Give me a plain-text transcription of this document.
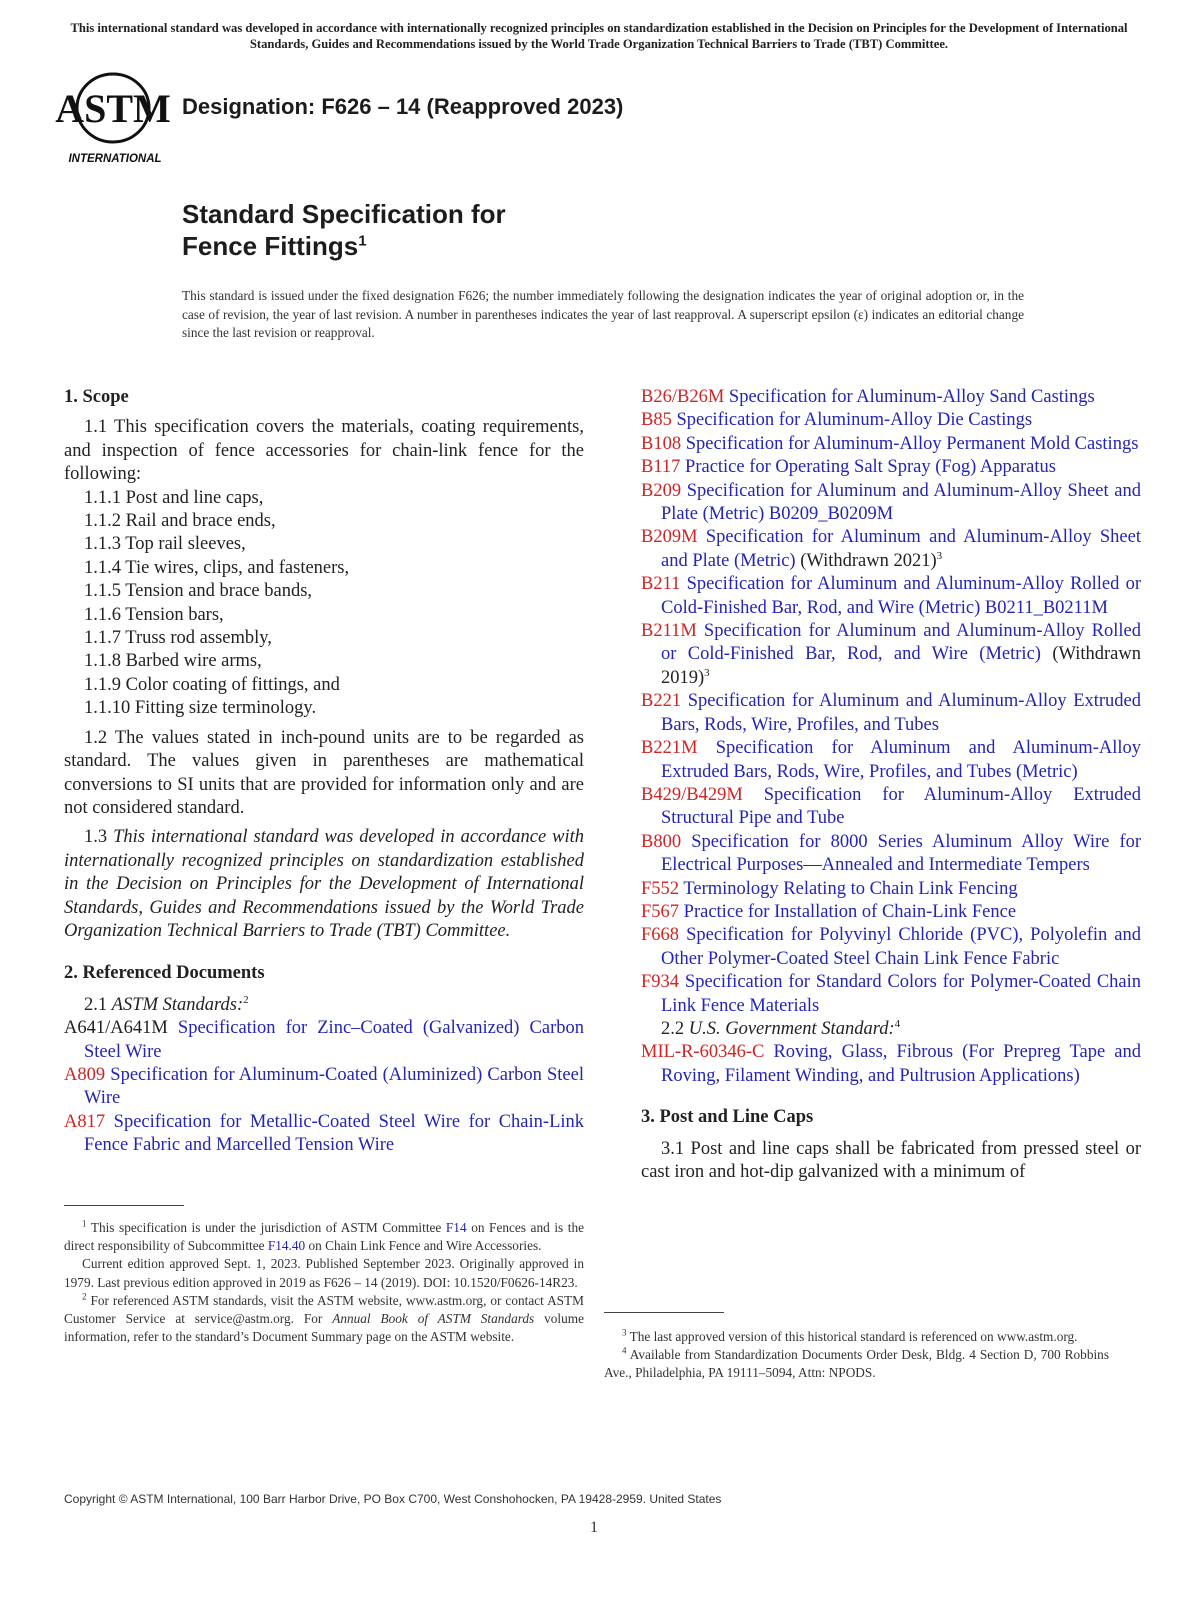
This international standard was developed in accordance with internationally recognized principles on standardization established in the Decision on Principles for the Development of International Standards, Guides and Recommendations issued by the World Trade Organization Technical Barriers to Trade (TBT) Committee.
ASTM
INTERNATIONAL
Designation: F626 – 14 (Reapproved 2023)
Standard Specification for
Fence Fittings$^1$
This standard is issued under the fixed designation F626; the number immediately following the designation indicates the year of original adoption or, in the case of revision, the year of last revision. A number in parentheses indicates the year of last reapproval. A superscript epsilon (ε) indicates an editorial change since the last revision or reapproval.
1. Scope

1.1 This specification covers the materials, coating requirements, and inspection of fence accessories for chain-link fence for the following:

1.1.1 Post and line caps,
1.1.2 Rail and brace ends,
1.1.3 Top rail sleeves,
1.1.4 Tie wires, clips, and fasteners,
1.1.5 Tension and brace bands,
1.1.6 Tension bars,
1.1.7 Truss rod assembly,
1.1.8 Barbed wire arms,
1.1.9 Color coating of fittings, and
1.1.10 Fitting size terminology.

1.2 The values stated in inch-pound units are to be regarded as standard. The values given in parentheses are mathematical conversions to SI units that are provided for information only and are not considered standard.

1.3 This international standard was developed in accordance with internationally recognized principles on standardization established in the Decision on Principles for the Development of International Standards, Guides and Recommendations issued by the World Trade Organization Technical Barriers to Trade (TBT) Committee.

2. Referenced Documents
2.1 ASTM Standards:$^2$
A641/A641M Specification for Zinc–Coated (Galvanized) Carbon Steel Wire
A809 Specification for Aluminum-Coated (Aluminized) Carbon Steel Wire
A817 Specification for Metallic-Coated Steel Wire for Chain-Link Fence Fabric and Marcelled Tension Wire

$^1$ This specification is under the jurisdiction of ASTM Committee F14 on Fences and is the direct responsibility of Subcommittee F14.40 on Chain Link Fence and Wire Accessories.

Current edition approved Sept. 1, 2023. Published September 2023. Originally approved in 1979. Last previous edition approved in 2019 as F626 – 14 (2019). DOI: 10.1520/F0626-14R23.

$^2$ For referenced ASTM standards, visit the ASTM website, www.astm.org, or contact ASTM Customer Service at service@astm.org. For Annual Book of ASTM Standards volume information, refer to the standard’s Document Summary page on the ASTM website.

B26/B26M Specification for Aluminum-Alloy Sand Castings
B85 Specification for Aluminum-Alloy Die Castings
B108 Specification for Aluminum-Alloy Permanent Mold Castings
B117 Practice for Operating Salt Spray (Fog) Apparatus
B209 Specification for Aluminum and Aluminum-Alloy Sheet and Plate (Metric) B0209_B0209M
B209M Specification for Aluminum and Aluminum-Alloy Sheet and Plate (Metric) (Withdrawn 2021)$^3$
B211 Specification for Aluminum and Aluminum-Alloy Rolled or Cold-Finished Bar, Rod, and Wire (Metric) B0211_B0211M
B211M Specification for Aluminum and Aluminum-Alloy Rolled or Cold-Finished Bar, Rod, and Wire (Metric) (Withdrawn 2019)$^3$
B221 Specification for Aluminum and Aluminum-Alloy Extruded Bars, Rods, Wire, Profiles, and Tubes
B221M Specification for Aluminum and Aluminum-Alloy Extruded Bars, Rods, Wire, Profiles, and Tubes (Metric)
B429/B429M Specification for Aluminum-Alloy Extruded Structural Pipe and Tube
B800 Specification for 8000 Series Aluminum Alloy Wire for Electrical Purposes—Annealed and Intermediate Tempers
F552 Terminology Relating to Chain Link Fencing
F567 Practice for Installation of Chain-Link Fence
F668 Specification for Polyvinyl Chloride (PVC), Polyolefin and Other Polymer-Coated Steel Chain Link Fence Fabric
F934 Specification for Standard Colors for Polymer-Coated Chain Link Fence Materials
2.2 U.S. Government Standard:$^4$
MIL-R-60346-C Roving, Glass, Fibrous (For Prepreg Tape and Roving, Filament Winding, and Pultrusion Applications)
3. Post and Line Caps

3.1 Post and line caps shall be fabricated from pressed steel or cast iron and hot-dip galvanized with a minimum of

$^3$ The last approved version of this historical standard is referenced on www.astm.org.

$^4$ Available from Standardization Documents Order Desk, Bldg. 4 Section D, 700 Robbins Ave., Philadelphia, PA 19111–5094, Attn: NPODS.

Copyright © ASTM International, 100 Barr Harbor Drive, PO Box C700, West Conshohocken, PA 19428-2959. United States
1
